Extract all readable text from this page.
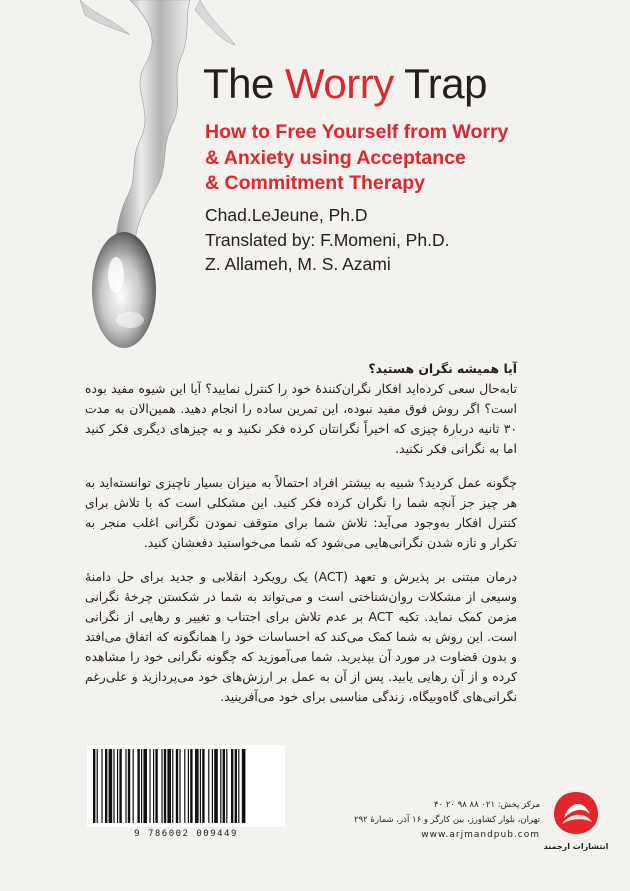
The Worry Trap
How to Free Yourself from Worry
& Anxiety using Acceptance
& Commitment Therapy
Chad.LeJeune, Ph.D
Translated by: F.Momeni, Ph.D.
Z. Allameh, M. S. Azami

آیا همیشه نگران هستید؟

تابه‌حال سعی کرده‌اید افکار نگران‌کنندهٔ خود را کنترل نمایید؟ آیا این شیوه مفید بوده است؟ اگر روش فوق مفید نبوده، این تمرین ساده را انجام دهید. همین‌الان به مدت ۳۰ ثانیه دربارهٔ چیزی که اخیراً نگرانتان کرده فکر نکنید و به چیزهای دیگری فکر کنید اما به نگرانی فکر نکنید.

چگونه عمل کردید؟ شبیه به بیشتر افراد احتمالاً به میزان بسیار ناچیزی توانسته‌اید به هر چیز جز آنچه شما را نگران کرده فکر کنید. این مشکلی است که با تلاش برای کنترل افکار به‌وجود می‌آید: تلاش شما برای متوقف نمودن نگرانی اغلب منجر به تکرار و تازه شدن نگرانی‌هایی می‌شود که شما می‌خواستید دفعشان کنید.

درمان مبتنی بر پذیرش و تعهد (ACT) یک رویکرد انقلابی و جدید برای حل دامنهٔ وسیعی از مشکلات روان‌شناختی است و می‌تواند به شما در شکستن چرخهٔ نگرانی مزمن کمک نماید. تکیه ACT بر عدم تلاش برای اجتناب و تغییر و رهایی از نگرانی است. این روش به شما کمک می‌کند که احساسات خود را همانگونه که اتفاق می‌افتد و بدون قضاوت در مورد آن بپذیرید. شما می‌آموزید که چگونه نگرانی خود را مشاهده کرده و از آن رهایی یابید. پس از آن به عمل بر ارزش‌های خود می‌پردازید و علی‌رغم نگرانی‌های گاه‌وبیگاه، زندگی مناسبی برای خود می‌آفرینید.

9 786002 009449
مرکز پخش: ۰۲۱ ۸۸ ۹۸ ۲۰ ۴۰
تهران، بلوار کشاورز، بین کارگر و ۱۶ آذر، شمارهٔ ۲۹۲
www.arjmandpub.com
انتشارات ارجمند
